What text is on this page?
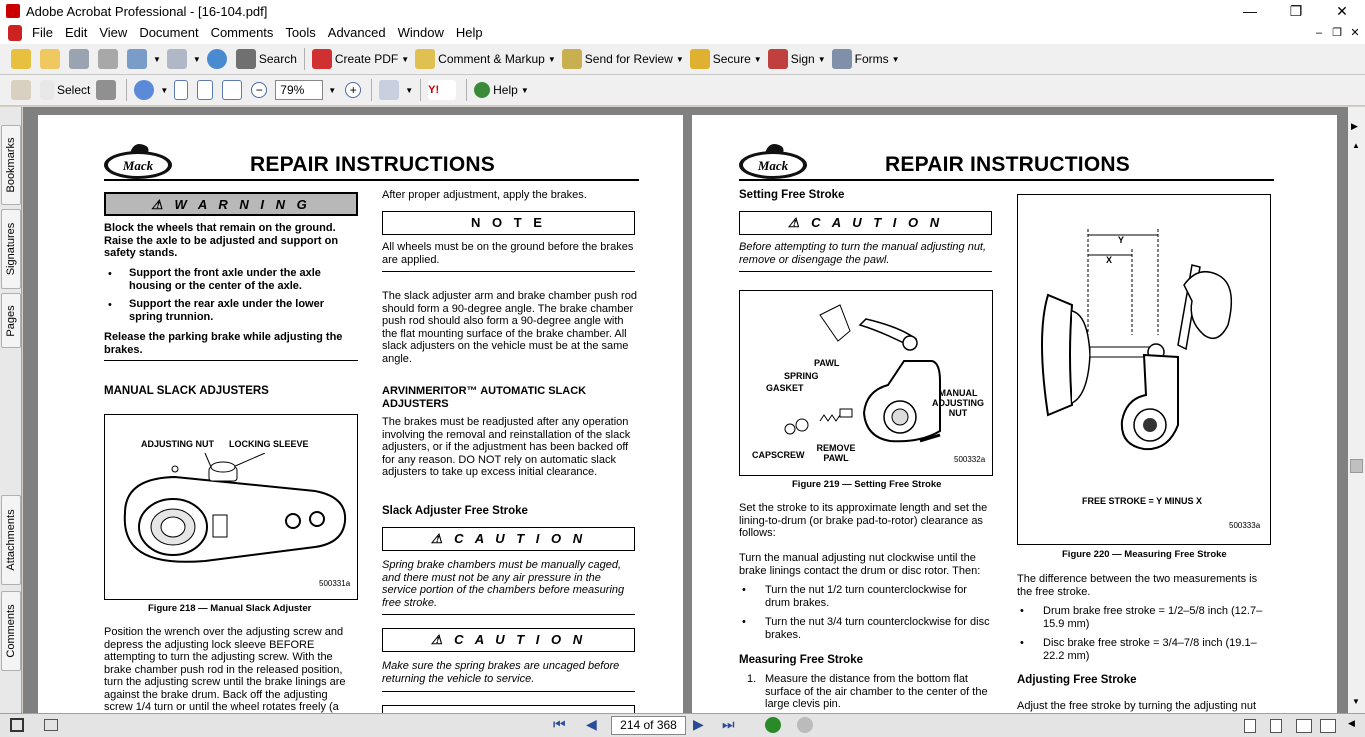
Adobe Acrobat Professional - [16-104.pdf]	—	❐	✕
File Edit View Document Comments Tools Advanced Window Help	– ❐ ✕
▼	▼	Search	Create PDF ▼ Comment & Markup ▼ Send for Review ▼ Secure ▼ Sign ▼ Forms ▼
Select	▼	−	79%	▼	+	▼ Y!	Help ▼
Bookmarks
Signatures
Pages
Attachments
Comments
Mack	REPAIR INSTRUCTIONS
⚠ W A R N I N G
Block the wheels that remain on the ground. Raise the axle to be adjusted and support on safety stands.
• Support the front axle under the axle housing or the center of the axle.
• Support the rear axle under the lower spring trunnion.
Release the parking brake while adjusting the brakes.
MANUAL SLACK ADJUSTERS
ADJUSTING NUT LOCKING SLEEVE
500331a
Figure 218 — Manual Slack Adjuster
Position the wrench over the adjusting screw and depress the adjusting lock sleeve BEFORE attempting to turn the adjusting screw. With the brake chamber push rod in the released position, turn the adjusting screw until the brake linings are against the brake drum. Back off the adjusting screw 1/4 turn or until the wheel rotates freely (a
After proper adjustment, apply the brakes.
N O T E
All wheels must be on the ground before the brakes are applied.
The slack adjuster arm and brake chamber push rod should form a 90-degree angle. The brake chamber push rod should also form a 90-degree angle with the flat mounting surface of the brake chamber. All slack adjusters on the vehicle must be at the same angle.
ARVINMERITOR™ AUTOMATIC SLACK ADJUSTERS
The brakes must be readjusted after any operation involving the removal and reinstallation of the slack adjusters, or if the adjustment has been backed off for any reason. DO NOT rely on automatic slack adjusters to take up excess initial clearance.
Slack Adjuster Free Stroke
⚠ C A U T I O N
Spring brake chambers must be manually caged, and there must not be any air pressure in the service portion of the chambers before measuring free stroke.
⚠ C A U T I O N
Make sure the spring brakes are uncaged before returning the vehicle to service.
Mack	REPAIR INSTRUCTIONS
Setting Free Stroke
⚠ C A U T I O N
Before attempting to turn the manual adjusting nut, remove or disengage the pawl.
PAWL
SPRING
GASKET
CAPSCREW
REMOVE PAWL
MANUAL ADJUSTING NUT
500332a
Figure 219 — Setting Free Stroke
Set the stroke to its approximate length and set the lining-to-drum (or brake pad-to-rotor) clearance as follows:
Turn the manual adjusting nut clockwise until the brake linings contact the drum or disc rotor. Then:
• Turn the nut 1/2 turn counterclockwise for drum brakes.
• Turn the nut 3/4 turn counterclockwise for disc brakes.
Measuring Free Stroke
1. Measure the distance from the bottom flat surface of the air chamber to the center of the large clevis pin.
Y
X
FREE STROKE = Y MINUS X
500333a
Figure 220 — Measuring Free Stroke
The difference between the two measurements is the free stroke.
• Drum brake free stroke = 1/2–5/8 inch (12.7–15.9 mm)
• Disc brake free stroke = 3/4–7/8 inch (19.1–22.2 mm)
Adjusting Free Stroke
Adjust the free stroke by turning the adjusting nut
▶
▲
▼
⏮ ◀	214 of 368	▶ ⏭	◀
